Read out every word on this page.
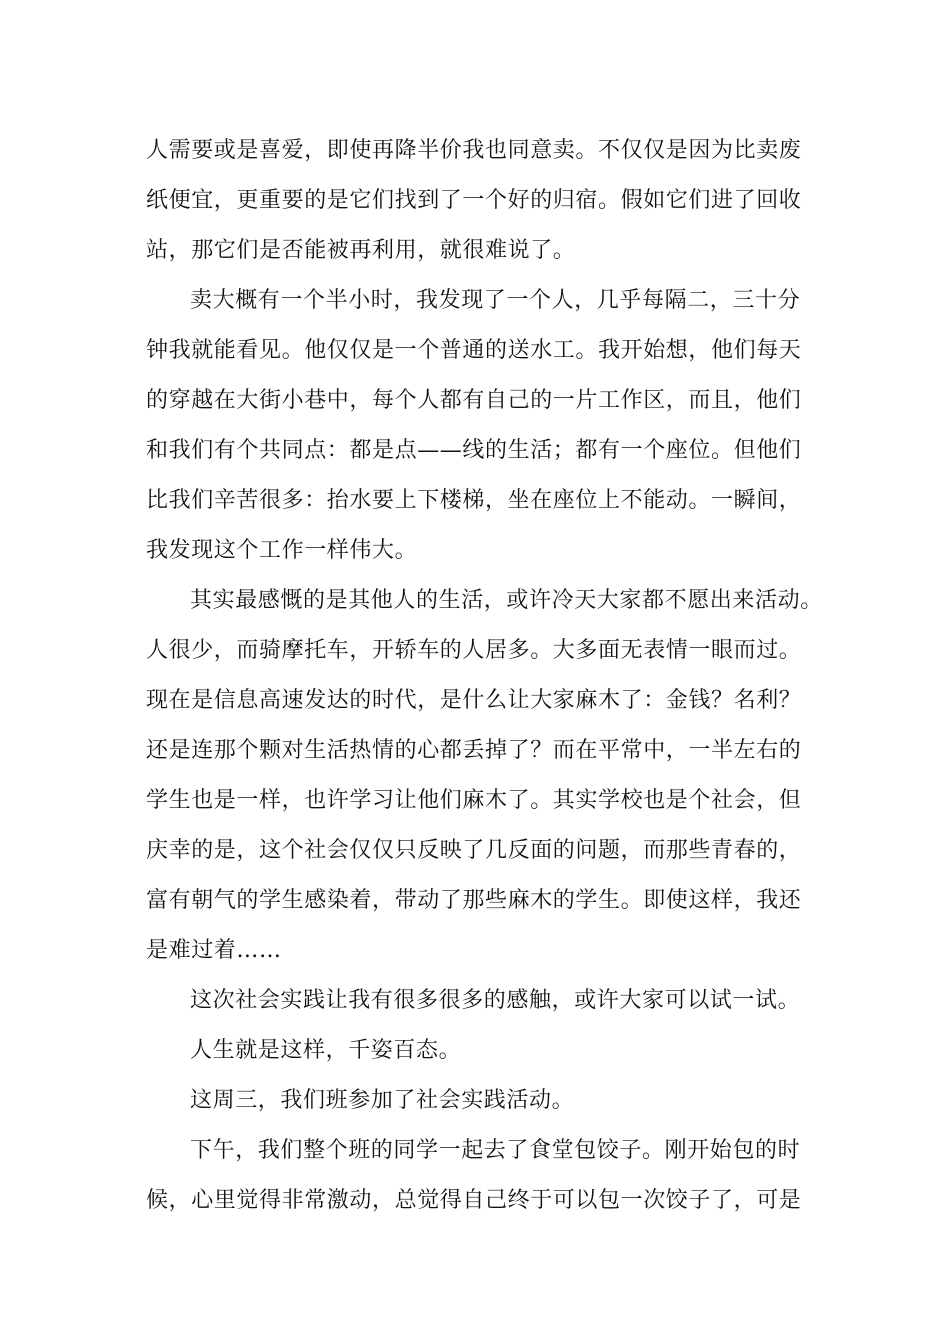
人需要或是喜爱，即使再降半价我也同意卖。不仅仅是因为比卖废
纸便宜，更重要的是它们找到了一个好的归宿。假如它们进了回收
站，那它们是否能被再利用，就很难说了。
卖大概有一个半小时，我发现了一个人，几乎每隔二，三十分
钟我就能看见。他仅仅是一个普通的送水工。我开始想，他们每天
的穿越在大街小巷中，每个人都有自己的一片工作区，而且，他们
和我们有个共同点：都是点——线的生活；都有一个座位。但他们
比我们辛苦很多：抬水要上下楼梯，坐在座位上不能动。一瞬间，
我发现这个工作一样伟大。
其实最感慨的是其他人的生活，或许冷天大家都不愿出来活动。
人很少，而骑摩托车，开轿车的人居多。大多面无表情一眼而过。
现在是信息高速发达的时代，是什么让大家麻木了：金钱？名利？
还是连那个颗对生活热情的心都丢掉了？而在平常中，一半左右的
学生也是一样，也许学习让他们麻木了。其实学校也是个社会，但
庆幸的是，这个社会仅仅只反映了几反面的问题，而那些青春的，
富有朝气的学生感染着，带动了那些麻木的学生。即使这样，我还
是难过着……
这次社会实践让我有很多很多的感触，或许大家可以试一试。
人生就是这样，千姿百态。
这周三，我们班参加了社会实践活动。
下午，我们整个班的同学一起去了食堂包饺子。刚开始包的时
候，心里觉得非常激动，总觉得自己终于可以包一次饺子了，可是
